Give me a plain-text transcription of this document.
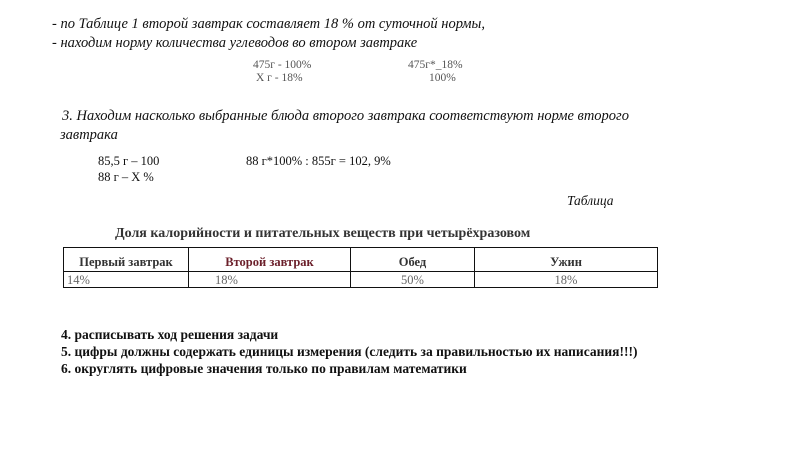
- по Таблице 1 второй завтрак составляет 18 % от суточной нормы,
- находим норму количества углеводов во втором завтраке
475г - 100%
Х г - 18%
475г*_18%
100%
3. Находим насколько выбранные блюда второго завтрака соответствуют норме второго
завтрака
85,5 г – 100
88 г – Х %
88 г*100% : 855г = 102, 9%
Таблица
Доля калорийности и питательных веществ при четырёхразовом
Первый завтрак	Второй завтрак	Обед	Ужин
14%	18%	50%	18%
4. расписывать ход решения задачи
5. цифры должны содержать единицы измерения (следить за правильностью их написания!!!)
6. округлять цифровые значения только по правилам математики
